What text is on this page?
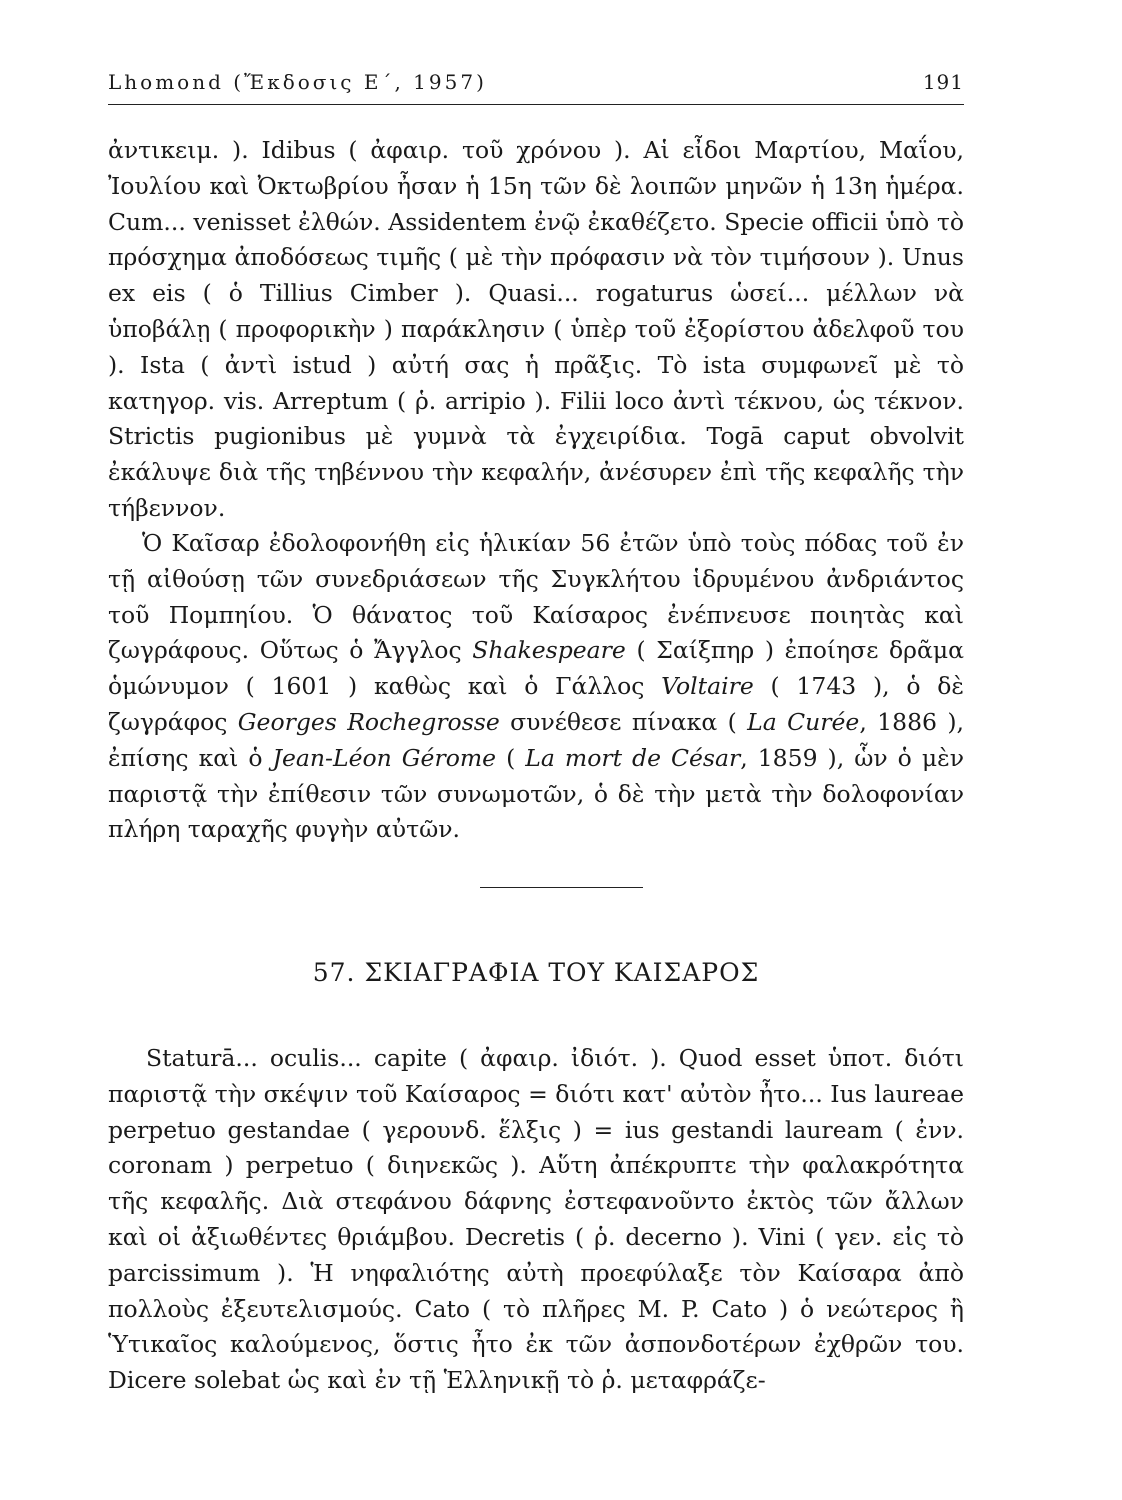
Lhomond (Ἔκδοσις Ε΄, 1957)	191

ἀντικειμ. ). Idibus ( ἀφαιρ. τοῦ χρόνου ). Αἱ εἶδοι Μαρτίου, Μαΐου, Ἰουλίου καὶ Ὀκτωβρίου ἦσαν ἡ 15η τῶν δὲ λοιπῶν μηνῶν ἡ 13η ἡμέρα. Cum... venisset ἐλθών. Assidentem ἐνῷ ἐκαθέζετο. Specie officii ὑπὸ τὸ πρόσχημα ἀποδόσεως τιμῆς ( μὲ τὴν πρόφασιν νὰ τὸν τιμήσουν ). Unus ex eis ( ὁ Tillius Cimber ). Quasi... rogaturus ὡσεί... μέλλων νὰ ὑποβάλῃ ( προφορικὴν ) παράκλησιν ( ὑπὲρ τοῦ ἐξορίστου ἀδελφοῦ του ). Ista ( ἀντὶ istud ) αὐτή σας ἡ πρᾶξις. Τὸ ista συμφωνεῖ μὲ τὸ κατηγορ. vis. Arreptum ( ῥ. arripio ). Filii loco ἀντὶ τέκνου, ὡς τέκνον. Strictis pugionibus μὲ γυμνὰ τὰ ἐγχειρίδια. Togā caput obvolvit ἐκάλυψε διὰ τῆς τηβέννου τὴν κεφαλήν, ἀνέσυρεν ἐπὶ τῆς κεφαλῆς τὴν τήβεννον.

Ὁ Καῖσαρ ἐδολοφονήθη εἰς ἡλικίαν 56 ἐτῶν ὑπὸ τοὺς πόδας τοῦ ἐν τῇ αἰθούσῃ τῶν συνεδριάσεων τῆς Συγκλήτου ἱδρυμένου ἀνδριάντος τοῦ Πομπηίου. Ὁ θάνατος τοῦ Καίσαρος ἐνέπνευσε ποιητὰς καὶ ζωγράφους. Οὕτως ὁ Ἄγγλος Shakespeare ( Σαίξπηρ ) ἐποίησε δρᾶμα ὁμώνυμον ( 1601 ) καθὼς καὶ ὁ Γάλλος Voltaire ( 1743 ), ὁ δὲ ζωγράφος Georges Rochegrosse συνέθεσε πίνακα ( La Curée, 1886 ), ἐπίσης καὶ ὁ Jean-Léon Gérome ( La mort de César, 1859 ), ὧν ὁ μὲν παριστᾷ τὴν ἐπίθεσιν τῶν συνωμοτῶν, ὁ δὲ τὴν μετὰ τὴν δολοφονίαν πλήρη ταραχῆς φυγὴν αὐτῶν.

57. ΣΚΙΑΓΡΑΦΙΑ ΤΟΥ ΚΑΙΣΑΡΟΣ

Staturā... oculis... capite ( ἀφαιρ. ἰδιότ. ). Quod esset ὑποτ. διότι παριστᾷ τὴν σκέψιν τοῦ Καίσαρος = διότι κατ' αὐτὸν ἦτο... Ius laureae perpetuo gestandae ( γερουνδ. ἕλξις ) = ius gestandi lauream ( ἐνν. coronam ) perpetuo ( διηνεκῶς ). Αὕτη ἀπέκρυπτε τὴν φαλακρότητα τῆς κεφαλῆς. Διὰ στεφάνου δάφνης ἐστεφανοῦντο ἐκτὸς τῶν ἄλλων καὶ οἱ ἀξιωθέντες θριάμβου. Decretis ( ῥ. decerno ). Vini ( γεν. εἰς τὸ parcissimum ). Ἡ νηφαλιότης αὐτὴ προεφύλαξε τὸν Καίσαρα ἀπὸ πολλοὺς ἐξευτελισμούς. Cato ( τὸ πλῆρες M. P. Cato ) ὁ νεώτερος ἢ Ὑτικαῖος καλούμενος, ὅστις ἦτο ἐκ τῶν ἀσπονδοτέρων ἐχθρῶν του. Dicere solebat ὡς καὶ ἐν τῇ Ἑλληνικῇ τὸ ῥ. μεταφράζε-
